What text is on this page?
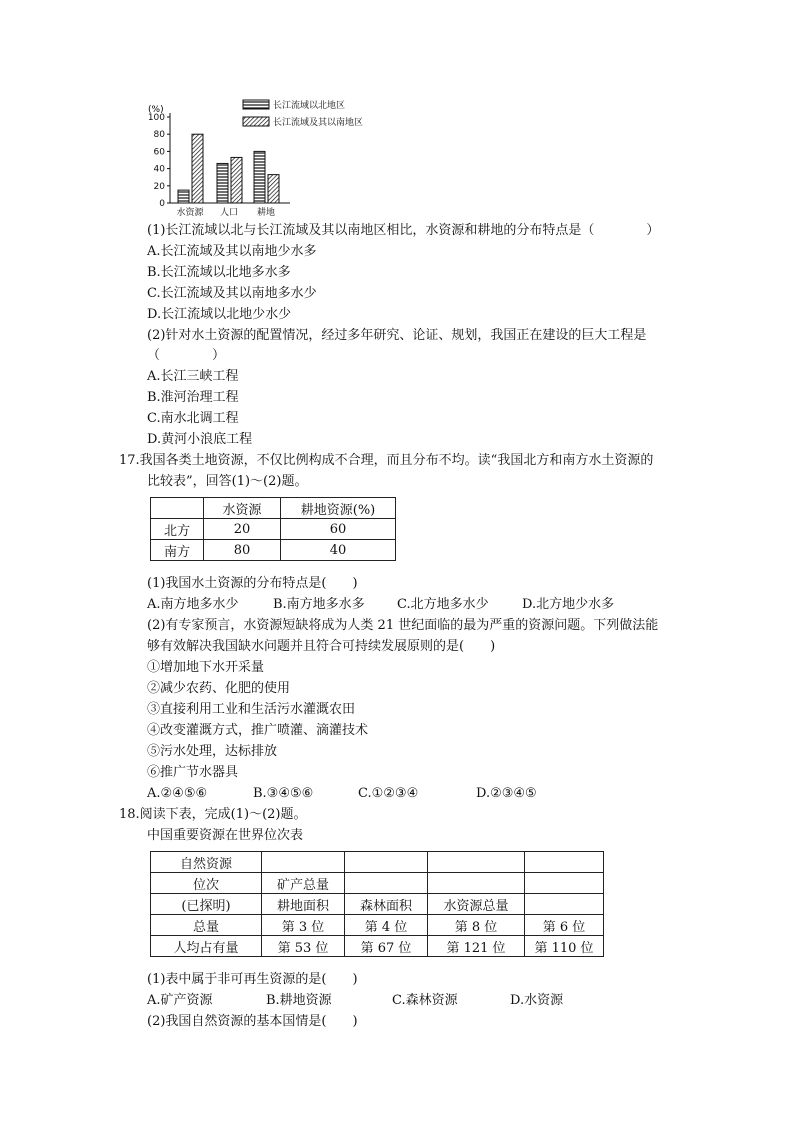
(%)
100
80
60
40
20
0
水资源 人口 耕地
长江流域以北地区
长江流域及其以南地区
(1)长江流域以北与长江流域及其以南地区相比，水资源和耕地的分布特点是（　　　　）
A.长江流域及其以南地少水多
B.长江流域以北地多水多
C.长江流域及其以南地多水少
D.长江流域以北地少水少
(2)针对水土资源的配置情况，经过多年研究、论证、规划，我国正在建设的巨大工程是
（　　　　）
A.长江三峡工程
B.淮河治理工程
C.南水北调工程
D.黄河小浪底工程
17.我国各类土地资源，不仅比例构成不合理，而且分布不均。读“我国北方和南方水土资源的
比较表”，回答(1)～(2)题。
	水资源	耕地资源(%)
北方	20	60
南方	80	40
(1)我国水土资源的分布特点是(　　)
A.南方地多水少	B.南方地多水多 C.北方地多水少	D.北方地少水多
(2)有专家预言，水资源短缺将成为人类 21 世纪面临的最为严重的资源问题。下列做法能
够有效解决我国缺水问题并且符合可持续发展原则的是(　　)
①增加地下水开采量
②减少农药、化肥的使用
③直接利用工业和生活污水灌溉农田
④改变灌溉方式，推广喷灌、滴灌技术
⑤污水处理，达标排放
⑥推广节水器具
A.②④⑤⑥	B.③④⑤⑥	C.①②③④	D.②③④⑤
18.阅读下表，完成(1)～(2)题。
中国重要资源在世界位次表
自然资源				
位次	矿产总量			
(已探明)	耕地面积	森林面积	水资源总量	
总量	第 3 位	第 4 位	第 8 位	第 6 位
人均占有量	第 53 位	第 67 位	第 121 位	第 110 位
(1)表中属于非可再生资源的是(　　)
A.矿产资源	B.耕地资源	C.森林资源	D.水资源
(2)我国自然资源的基本国情是(　　)
